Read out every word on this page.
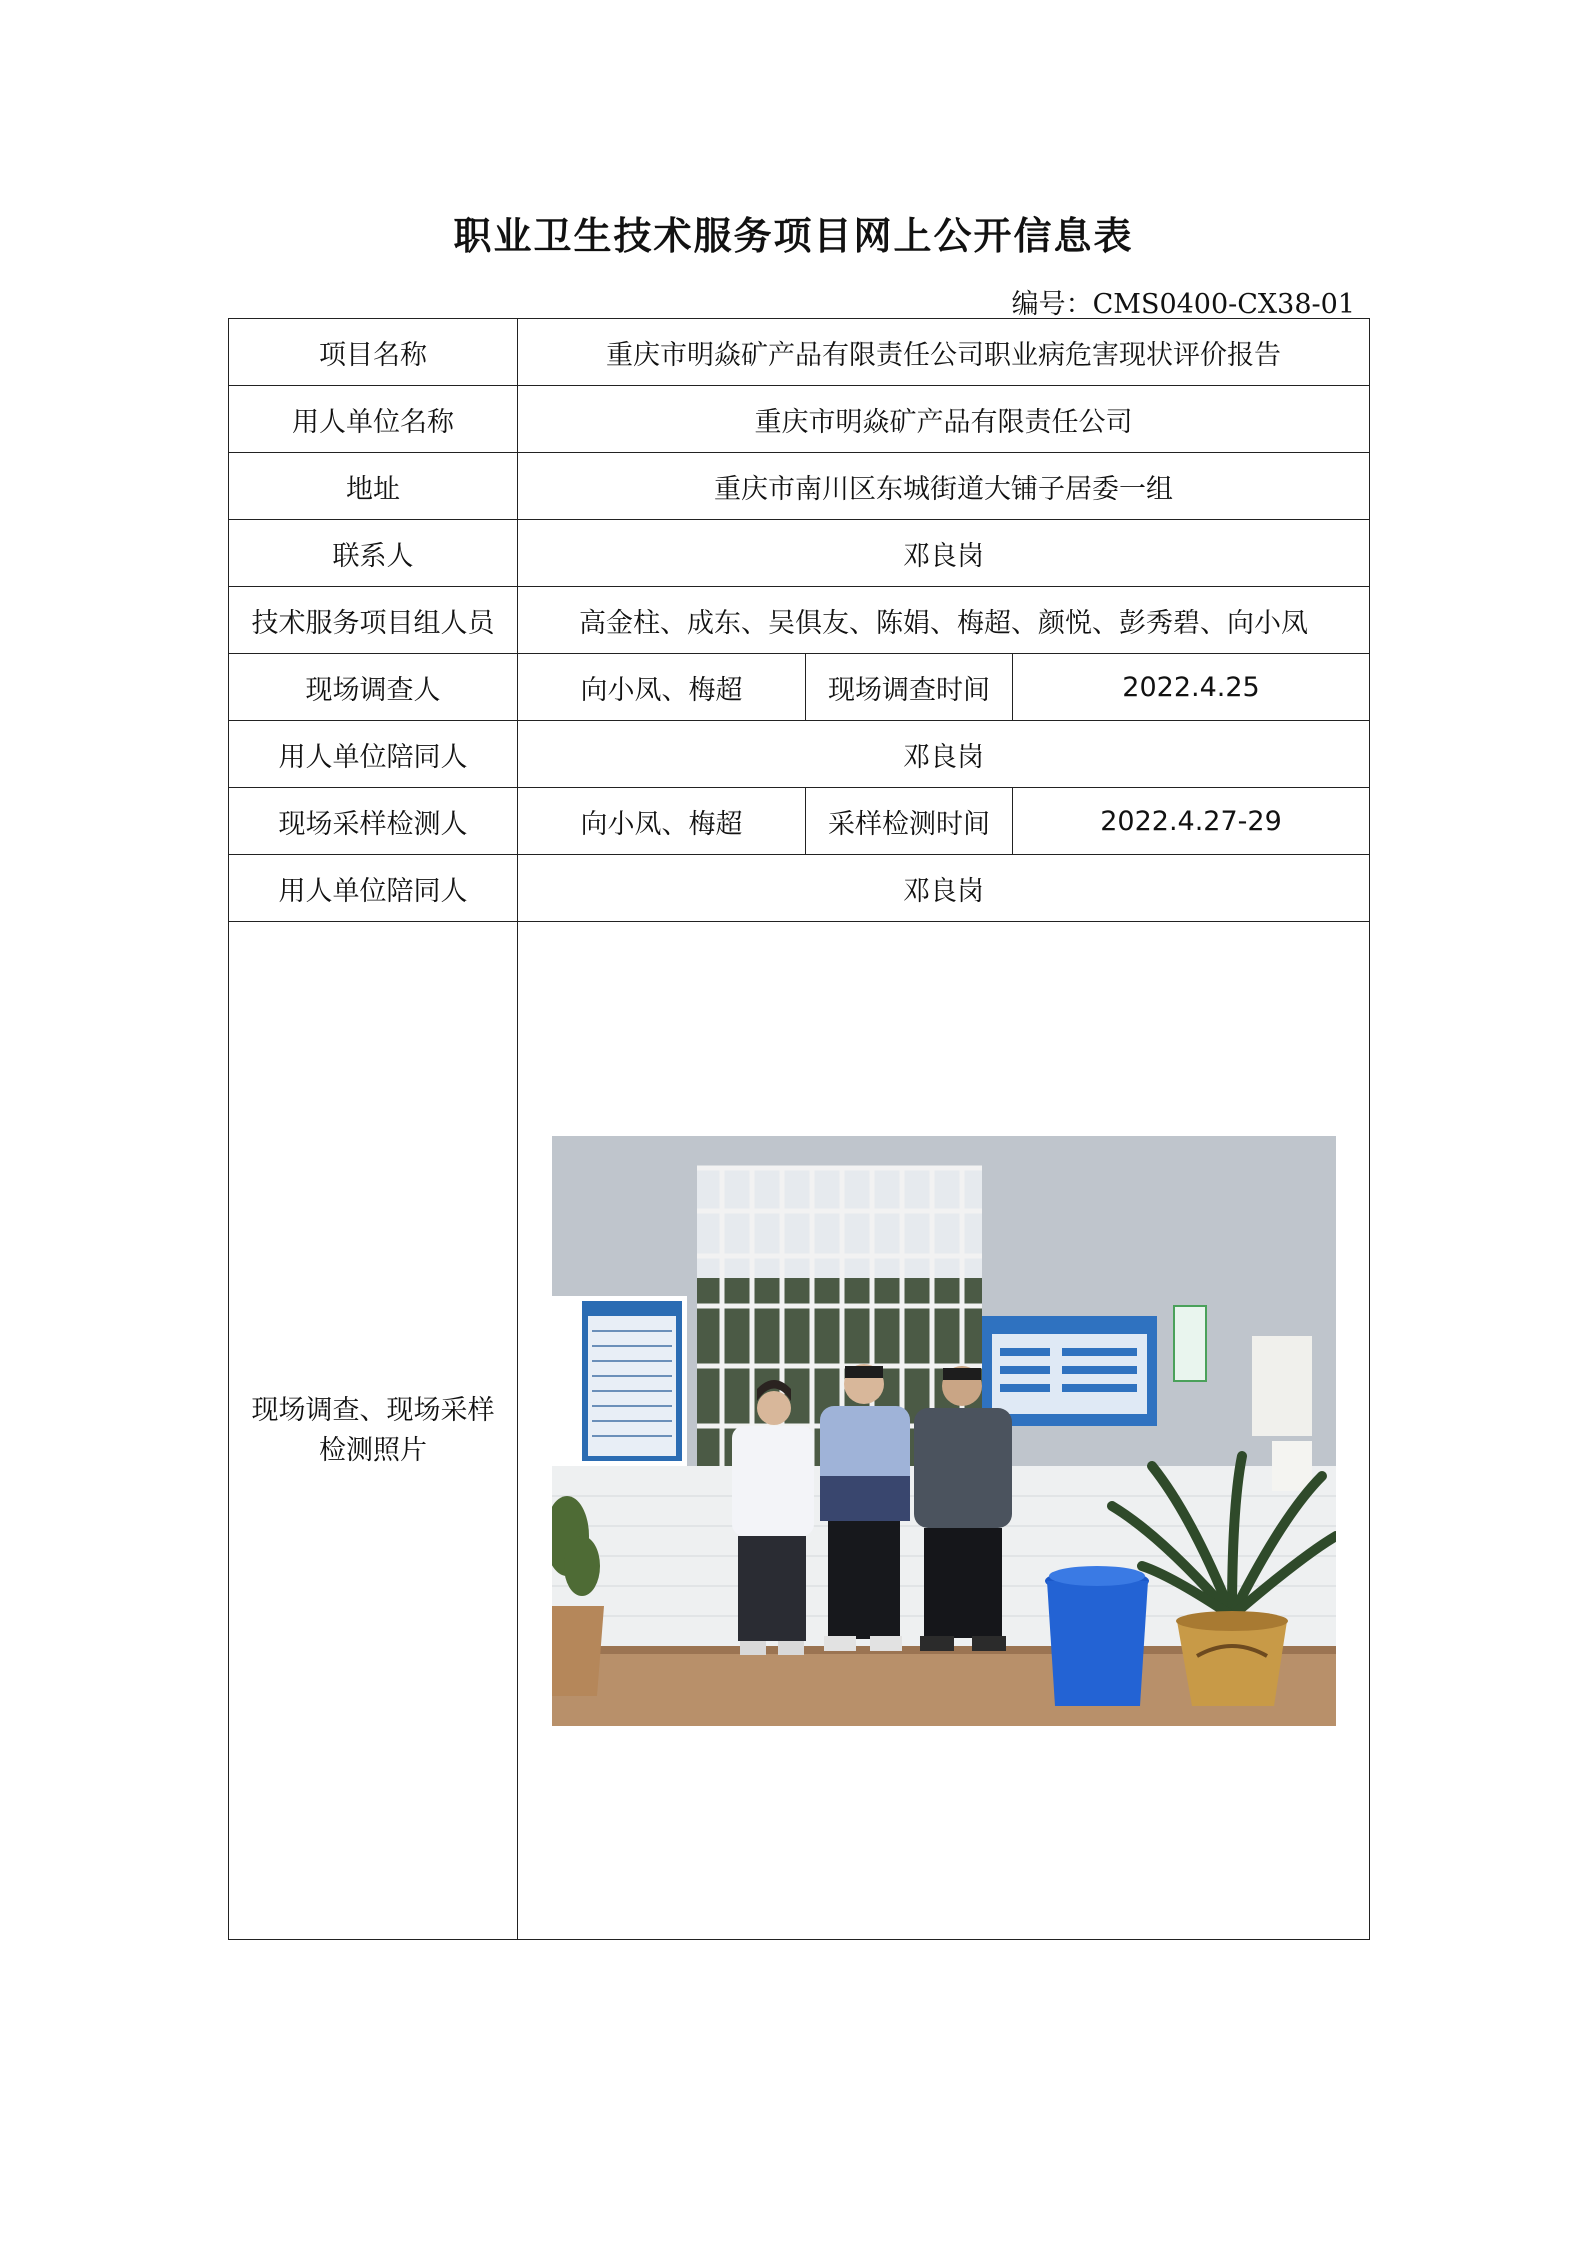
职业卫生技术服务项目网上公开信息表
编号：CMS0400-CX38-01
项目名称	重庆市明焱矿产品有限责任公司职业病危害现状评价报告		
用人单位名称	重庆市明焱矿产品有限责任公司		
地址	重庆市南川区东城街道大铺子居委一组		
联系人	邓良岗		
技术服务项目组人员	高金柱、成东、吴俱友、陈娟、梅超、颜悦、彭秀碧、向小凤		
现场调查人	向小凤、梅超	现场调查时间	2022.4.25
用人单位陪同人	邓良岗		
现场采样检测人	向小凤、梅超	采样检测时间	2022.4.27-29
用人单位陪同人	邓良岗		

现场调查、现场采样
检测照片
